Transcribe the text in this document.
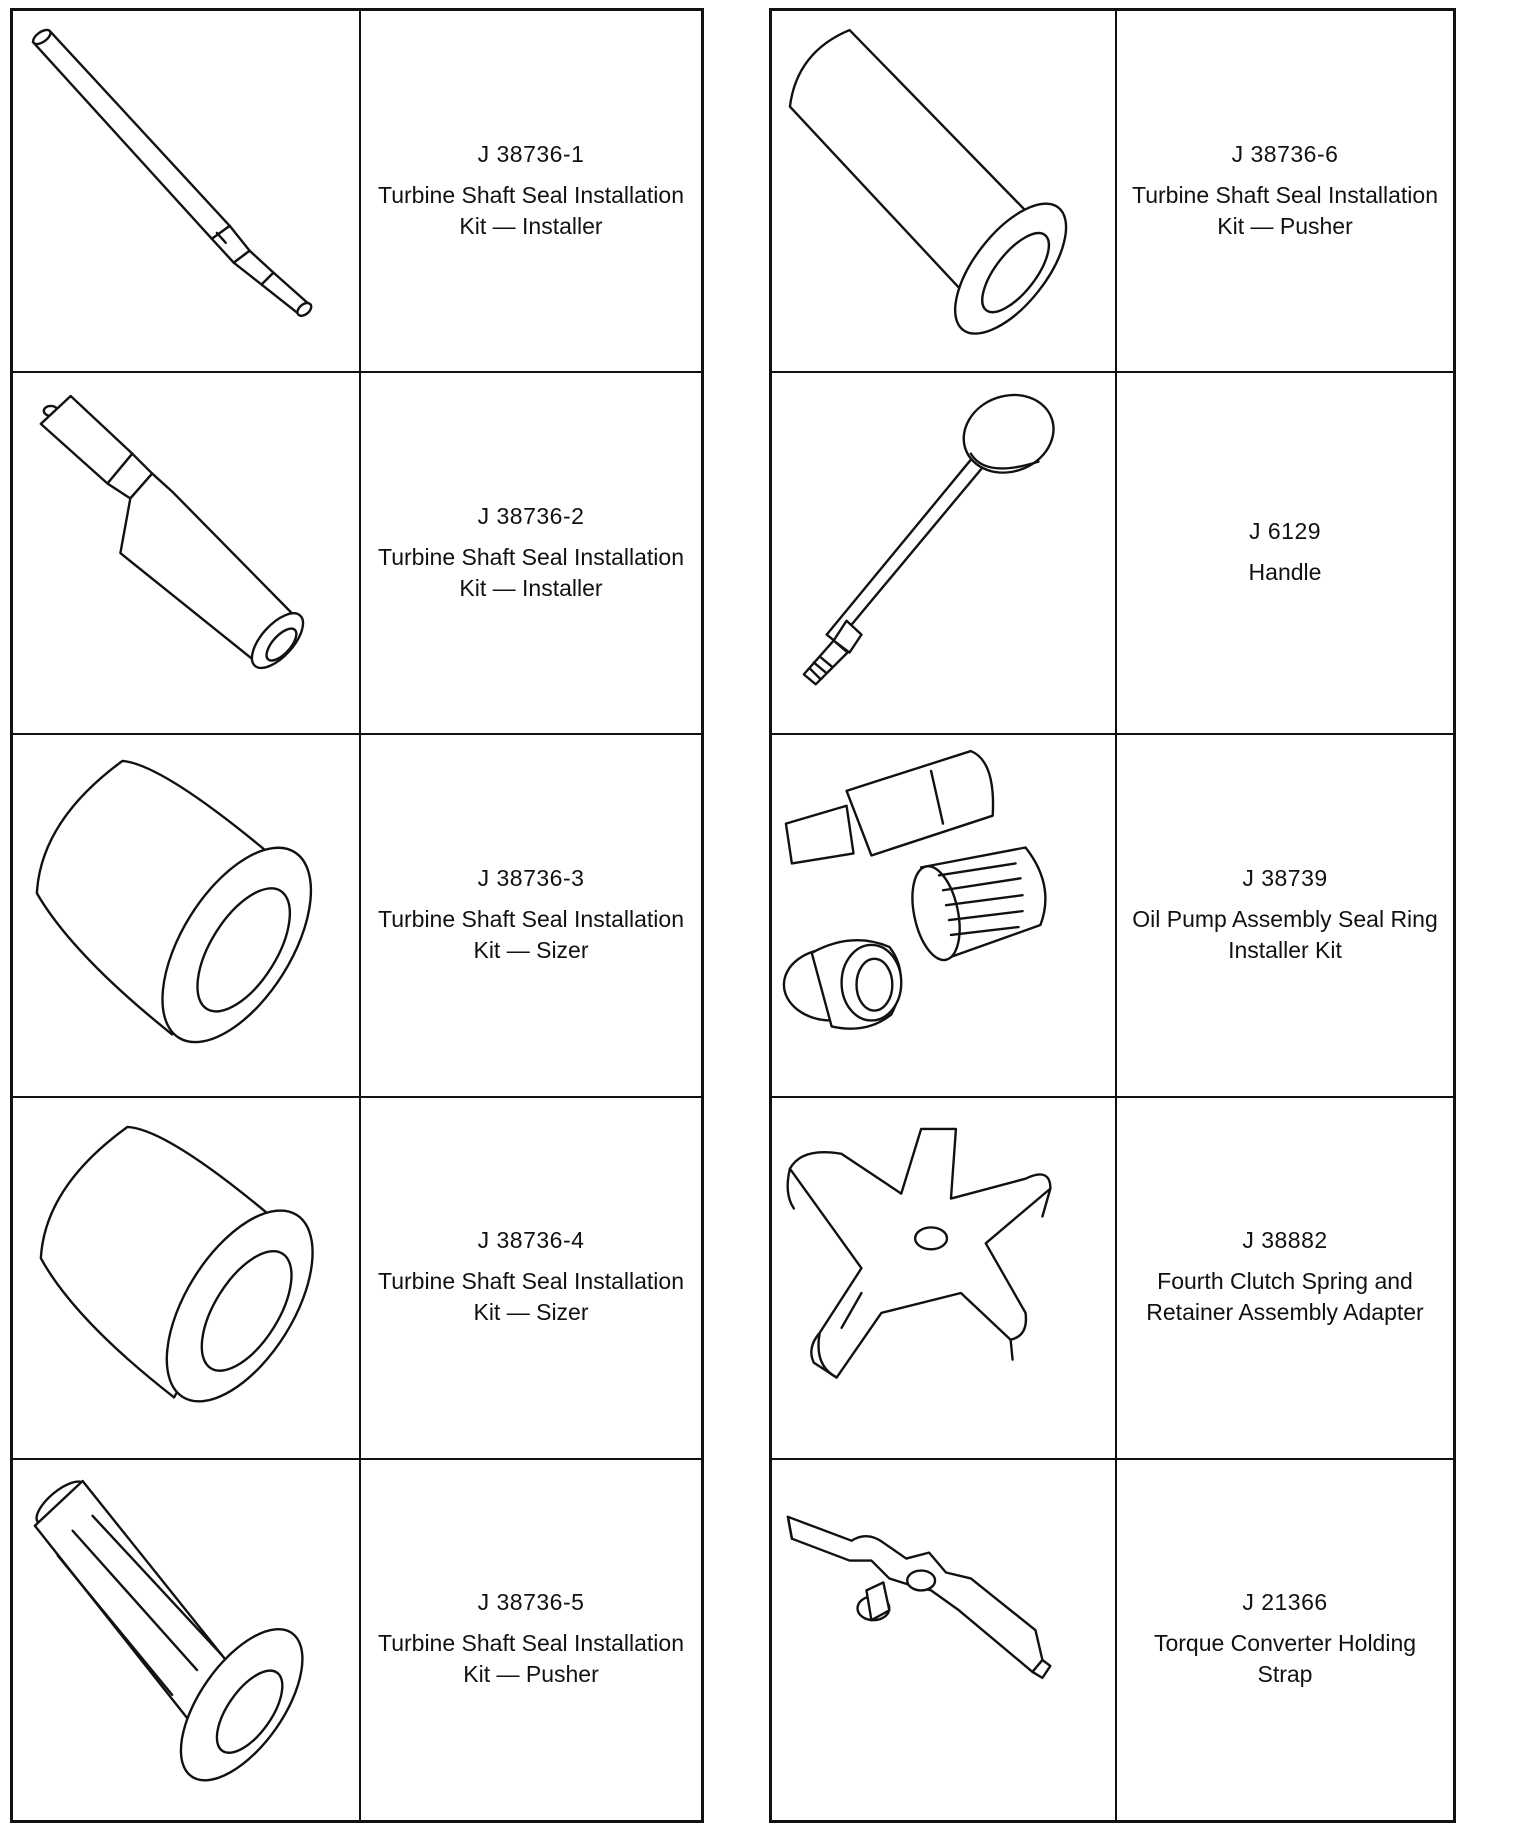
J 38736-1
Turbine Shaft Seal Installation Kit — Installer
J 38736-2
Turbine Shaft Seal Installation Kit — Installer
J 38736-3
Turbine Shaft Seal Installation Kit — Sizer
J 38736-4
Turbine Shaft Seal Installation Kit — Sizer
J 38736-5
Turbine Shaft Seal Installation Kit — Pusher
J 38736-6
Turbine Shaft Seal Installation Kit — Pusher
J 6129
Handle
J 38739
Oil Pump Assembly Seal Ring Installer Kit
J 38882
Fourth Clutch Spring and Retainer Assembly Adapter
J 21366
Torque Converter Holding Strap
